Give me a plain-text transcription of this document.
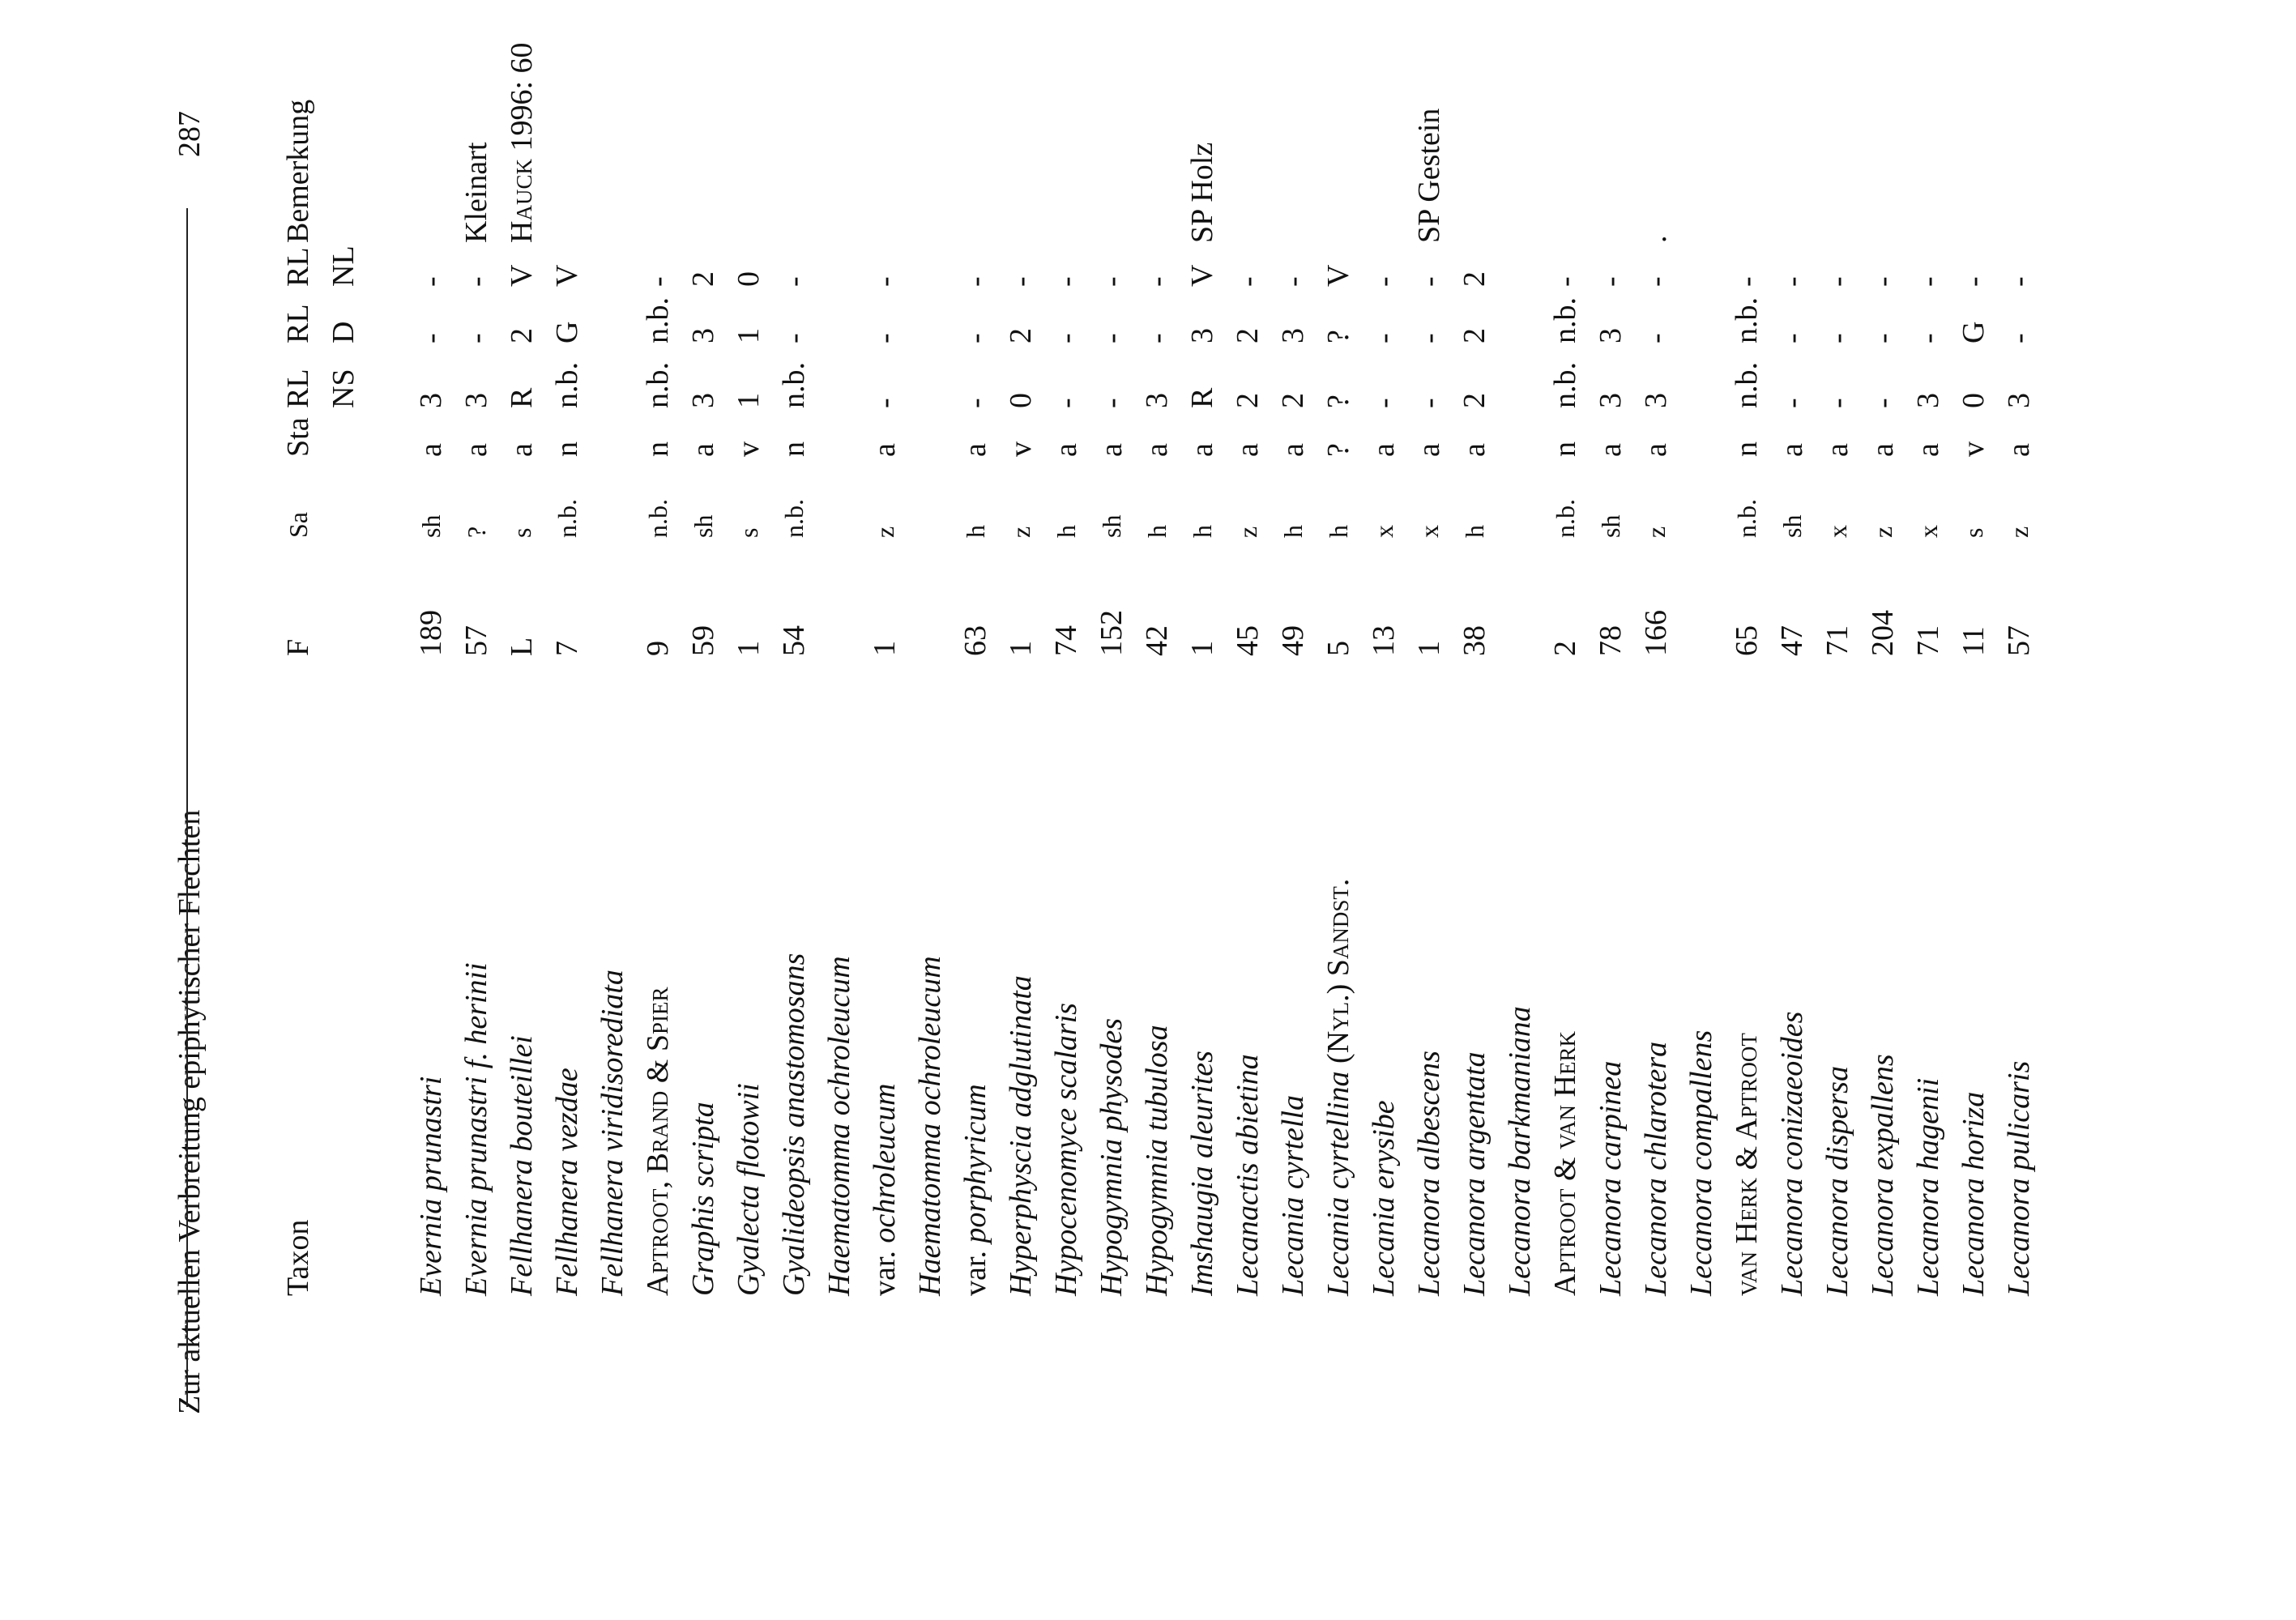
Zur aktuellen Verbreitung epiphytischer Flechten
287
Taxon
F
Sa
Sta
RL NS
RL D
RL NL
Bemerkung
Evernia prunastri
189
sh
a
3
-
-
Evernia prunastri f. herinii
57
?
a
3
-
-
Kleinart
Fellhanera bouteillei
L
s
a
R
2
V
Hauck 1996: 60
Fellhanera vezdae
7
n.b.
n
n.b.
G
V
Fellhanera viridisorediata Aptroot, Brand & Spier
9
n.b.
n
n.b.
n.b.
-
Graphis scripta
59
sh
a
3
3
2
Gyalecta flotowii
1
s
v
1
1
0
Gyalideopsis anastomosans
54
n.b.
n
n.b.
-
-
Haematomma ochroleucum var. ochroleucum
1
z
a
-
-
-
Haematomma ochroleucum var. porphyricum
63
h
a
-
-
-
Hyperphyscia adglutinata
1
z
v
0
2
-
Hypocenomyce scalaris
74
h
a
-
-
-
Hypogymnia physodes
152
sh
a
-
-
-
Hypogymnia tubulosa
42
h
a
3
-
-
Imshaugia aleurites
1
h
a
R
3
V
SP Holz
Lecanactis abietina
45
z
a
2
2
-
Lecania cyrtella
49
h
a
2
3
-
Lecania cyrtellina (Nyl.) Sandst.
5
h
?
?
?
V
Lecania erysibe
13
x
a
-
-
-
Lecanora albescens
1
x
a
-
-
-
SP Gestein
Lecanora argentata
38
h
a
2
2
2
Lecanora barkmaniana Aptroot & van Herk
2
n.b.
n
n.b.
n.b.
-
Lecanora carpinea
78
sh
a
3
3
-
Lecanora chlarotera
166
z
a
3
-
-
.
Lecanora compallens van Herk & Aptroot
65
n.b.
n
n.b.
n.b.
-
Lecanora conizaeoides
47
sh
a
-
-
-
Lecanora dispersa
71
x
a
-
-
-
Lecanora expallens
204
z
a
-
-
-
Lecanora hagenii
71
x
a
3
-
-
Lecanora horiza
11
s
v
0
G
-
Lecanora pulicaris
57
z
a
3
-
-
